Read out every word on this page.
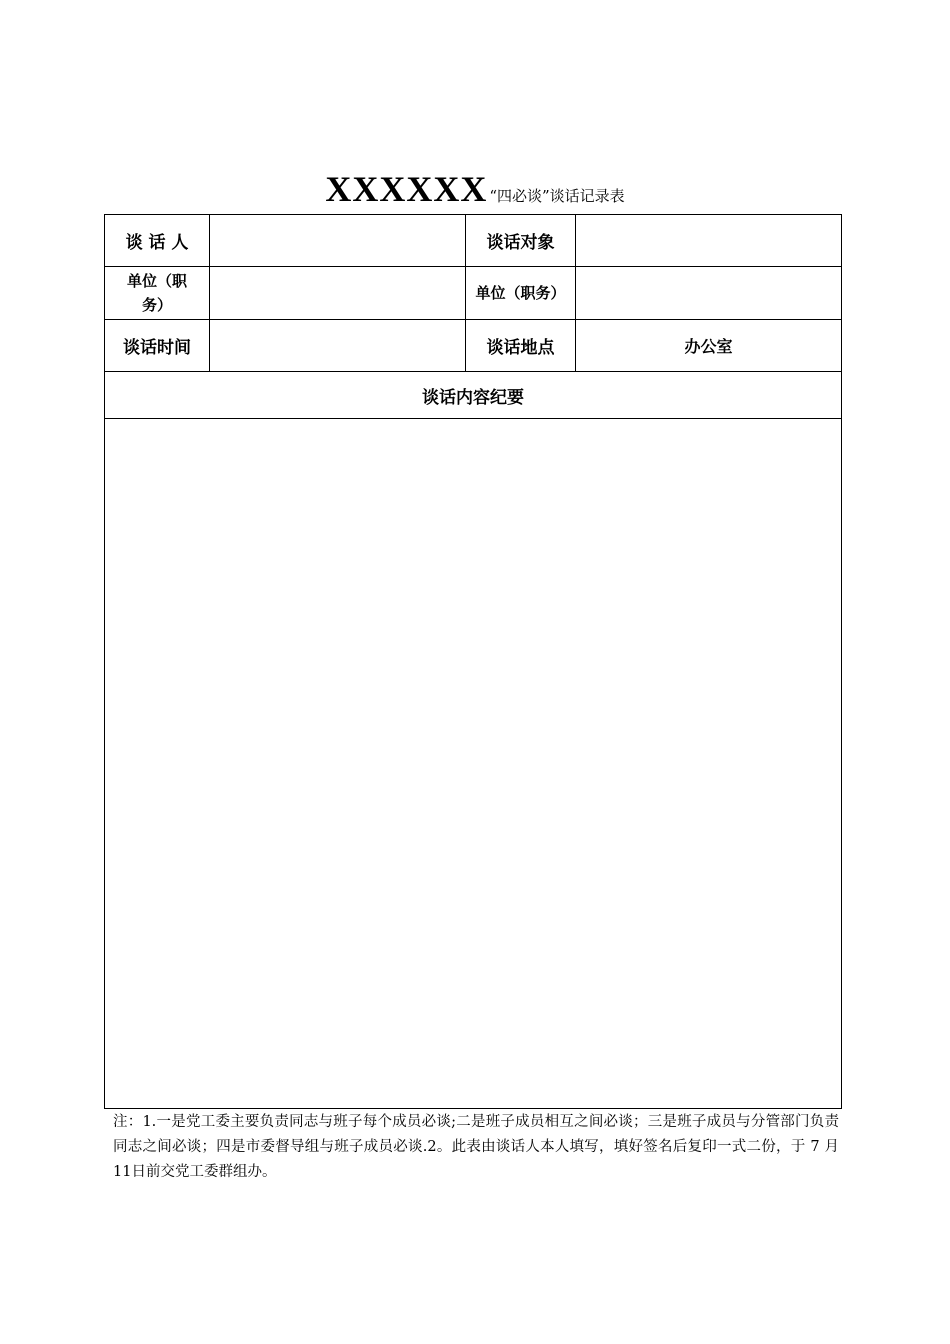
XXXXXX “四必谈”谈话记录表
谈 话 人		谈话对象	
单位（职务）		单位（职务）	
谈话时间		谈话地点	办公室
谈话内容纪要			

注：1.一是党工委主要负责同志与班子每个成员必谈;二是班子成员相互之间必谈；三是班子成员与分管部门负责同志之间必谈；四是市委督导组与班子成员必谈.2。此表由谈话人本人填写，填好签名后复印一式二份，于 7 月11日前交党工委群组办。
